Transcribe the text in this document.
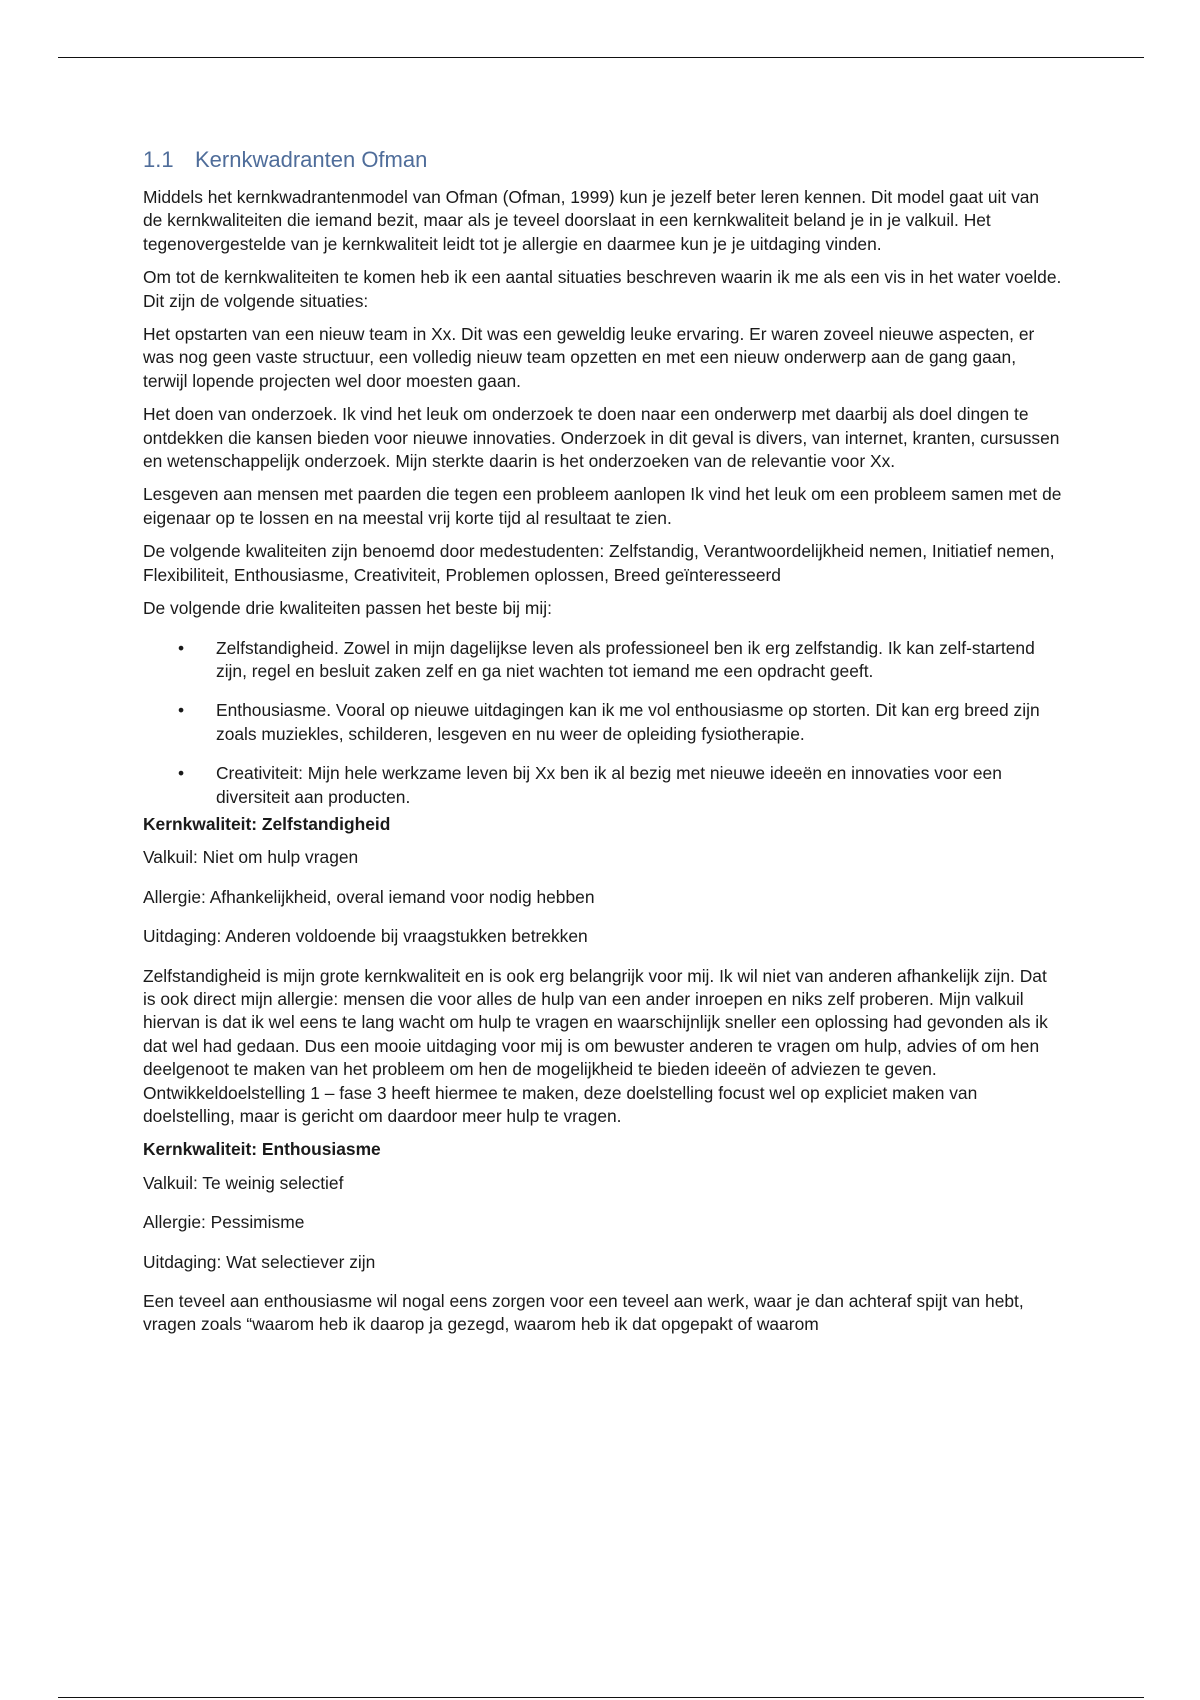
1.1 Kernkwadranten Ofman

Middels het kernkwadrantenmodel van Ofman (Ofman, 1999) kun je jezelf beter leren kennen. Dit model gaat uit van de kernkwaliteiten die iemand bezit, maar als je teveel doorslaat in een kernkwaliteit beland je in je valkuil. Het tegenovergestelde van je kernkwaliteit leidt tot je allergie en daarmee kun je je uitdaging vinden.

Om tot de kernkwaliteiten te komen heb ik een aantal situaties beschreven waarin ik me als een vis in het water voelde. Dit zijn de volgende situaties:

Het opstarten van een nieuw team in Xx. Dit was een geweldig leuke ervaring. Er waren zoveel nieuwe aspecten, er was nog geen vaste structuur, een volledig nieuw team opzetten en met een nieuw onderwerp aan de gang gaan, terwijl lopende projecten wel door moesten gaan.

Het doen van onderzoek. Ik vind het leuk om onderzoek te doen naar een onderwerp met daarbij als doel dingen te ontdekken die kansen bieden voor nieuwe innovaties. Onderzoek in dit geval is divers, van internet, kranten, cursussen en wetenschappelijk onderzoek. Mijn sterkte daarin is het onderzoeken van de relevantie voor Xx.

Lesgeven aan mensen met paarden die tegen een probleem aanlopen Ik vind het leuk om een probleem samen met de eigenaar op te lossen en na meestal vrij korte tijd al resultaat te zien.

De volgende kwaliteiten zijn benoemd door medestudenten: Zelfstandig, Verantwoordelijkheid nemen, Initiatief nemen, Flexibiliteit, Enthousiasme, Creativiteit, Problemen oplossen, Breed geïnteresseerd

De volgende drie kwaliteiten passen het beste bij mij:

• Zelfstandigheid. Zowel in mijn dagelijkse leven als professioneel ben ik erg zelfstandig. Ik kan zelf-startend zijn, regel en besluit zaken zelf en ga niet wachten tot iemand me een opdracht geeft.
• Enthousiasme. Vooral op nieuwe uitdagingen kan ik me vol enthousiasme op storten. Dit kan erg breed zijn zoals muziekles, schilderen, lesgeven en nu weer de opleiding fysiotherapie.
• Creativiteit: Mijn hele werkzame leven bij Xx ben ik al bezig met nieuwe ideeën en innovaties voor een diversiteit aan producten.

Kernkwaliteit: Zelfstandigheid

Valkuil: Niet om hulp vragen

Allergie: Afhankelijkheid, overal iemand voor nodig hebben

Uitdaging: Anderen voldoende bij vraagstukken betrekken

Zelfstandigheid is mijn grote kernkwaliteit en is ook erg belangrijk voor mij. Ik wil niet van anderen afhankelijk zijn. Dat is ook direct mijn allergie: mensen die voor alles de hulp van een ander inroepen en niks zelf proberen. Mijn valkuil hiervan is dat ik wel eens te lang wacht om hulp te vragen en waarschijnlijk sneller een oplossing had gevonden als ik dat wel had gedaan. Dus een mooie uitdaging voor mij is om bewuster anderen te vragen om hulp, advies of om hen deelgenoot te maken van het probleem om hen de mogelijkheid te bieden ideeën of adviezen te geven. Ontwikkeldoelstelling 1 – fase 3 heeft hiermee te maken, deze doelstelling focust wel op expliciet maken van doelstelling, maar is gericht om daardoor meer hulp te vragen.

Kernkwaliteit: Enthousiasme

Valkuil: Te weinig selectief

Allergie: Pessimisme

Uitdaging: Wat selectiever zijn

Een teveel aan enthousiasme wil nogal eens zorgen voor een teveel aan werk, waar je dan achteraf spijt van hebt, vragen zoals “waarom heb ik daarop ja gezegd, waarom heb ik dat opgepakt of waarom
